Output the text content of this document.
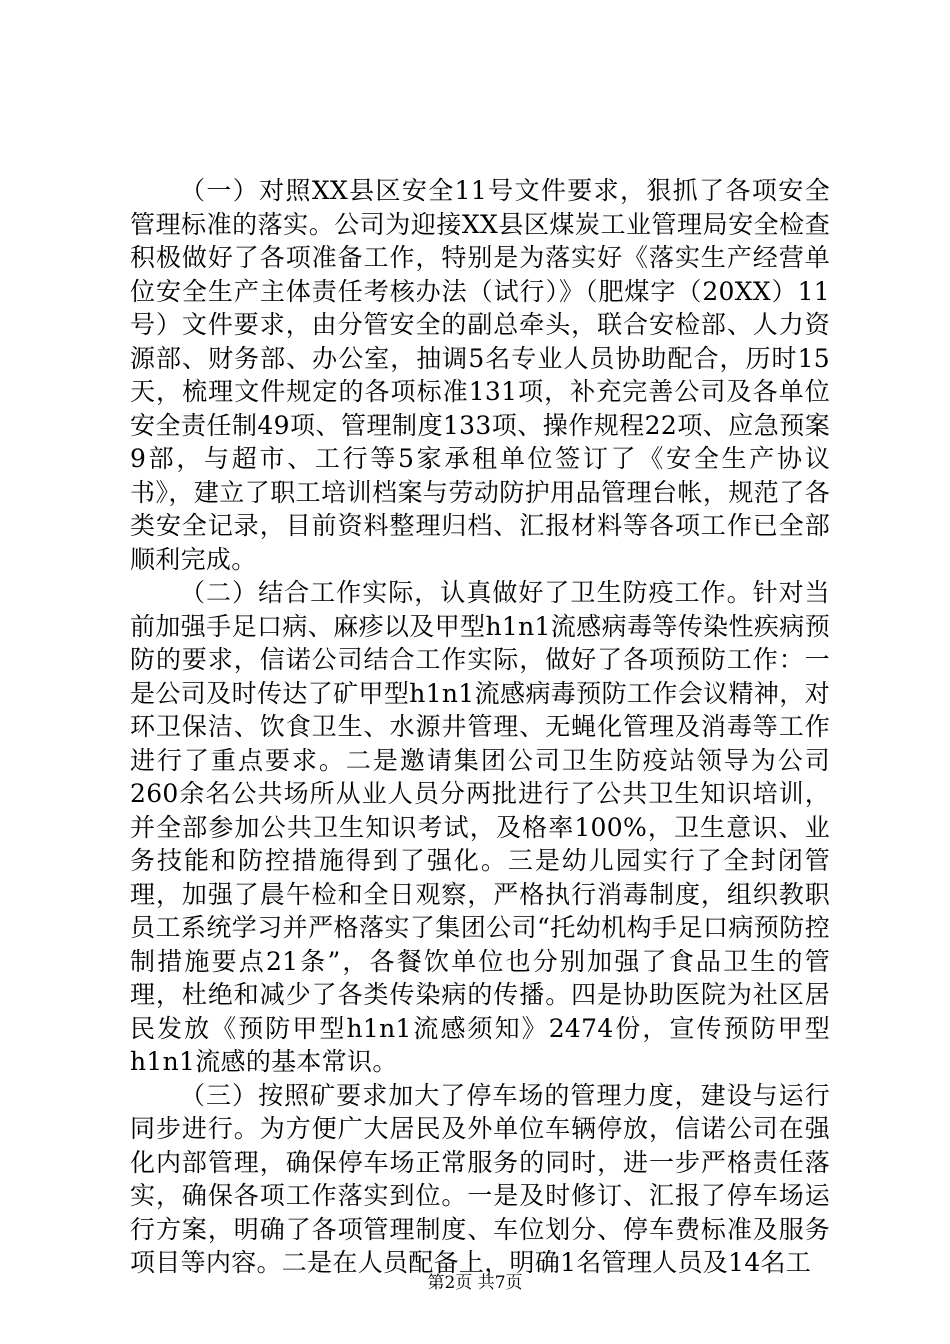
（一）对照XX县区安全11号文件要求，狠抓了各项安全管理标准的落实。公司为迎接XX县区煤炭工业管理局安全检查积极做好了各项准备工作，特别是为落实好《落实生产经营单位安全生产主体责任考核办法（试行）》（肥煤字（20XX）11号）文件要求，由分管安全的副总牵头，联合安检部、人力资源部、财务部、办公室，抽调5名专业人员协助配合，历时15天，梳理文件规定的各项标准131项，补充完善公司及各单位安全责任制49项、管理制度133项、操作规程22项、应急预案9部，与超市、工行等5家承租单位签订了《安全生产协议书》，建立了职工培训档案与劳动防护用品管理台帐，规范了各类安全记录，目前资料整理归档、汇报材料等各项工作已全部顺利完成。

（二）结合工作实际，认真做好了卫生防疫工作。针对当前加强手足口病、麻疹以及甲型h1n1流感病毒等传染性疾病预防的要求，信诺公司结合工作实际，做好了各项预防工作：一是公司及时传达了矿甲型h1n1流感病毒预防工作会议精神，对环卫保洁、饮食卫生、水源井管理、无蝇化管理及消毒等工作进行了重点要求。二是邀请集团公司卫生防疫站领导为公司260余名公共场所从业人员分两批进行了公共卫生知识培训，并全部参加公共卫生知识考试，及格率100%，卫生意识、业务技能和防控措施得到了强化。三是幼儿园实行了全封闭管理，加强了晨午检和全日观察，严格执行消毒制度，组织教职员工系统学习并严格落实了集团公司“托幼机构手足口病预防控制措施要点21条”，各餐饮单位也分别加强了食品卫生的管理，杜绝和减少了各类传染病的传播。四是协助医院为社区居民发放《预防甲型h1n1流感须知》2474份，宣传预防甲型h1n1流感的基本常识。

（三）按照矿要求加大了停车场的管理力度，建设与运行同步进行。为方便广大居民及外单位车辆停放，信诺公司在强化内部管理，确保停车场正常服务的同时，进一步严格责任落实，确保各项工作落实到位。一是及时修订、汇报了停车场运行方案，明确了各项管理制度、车位划分、停车费标准及服务项目等内容。二是在人员配备上，明确1名管理人员及14名工

第2页 共7页
